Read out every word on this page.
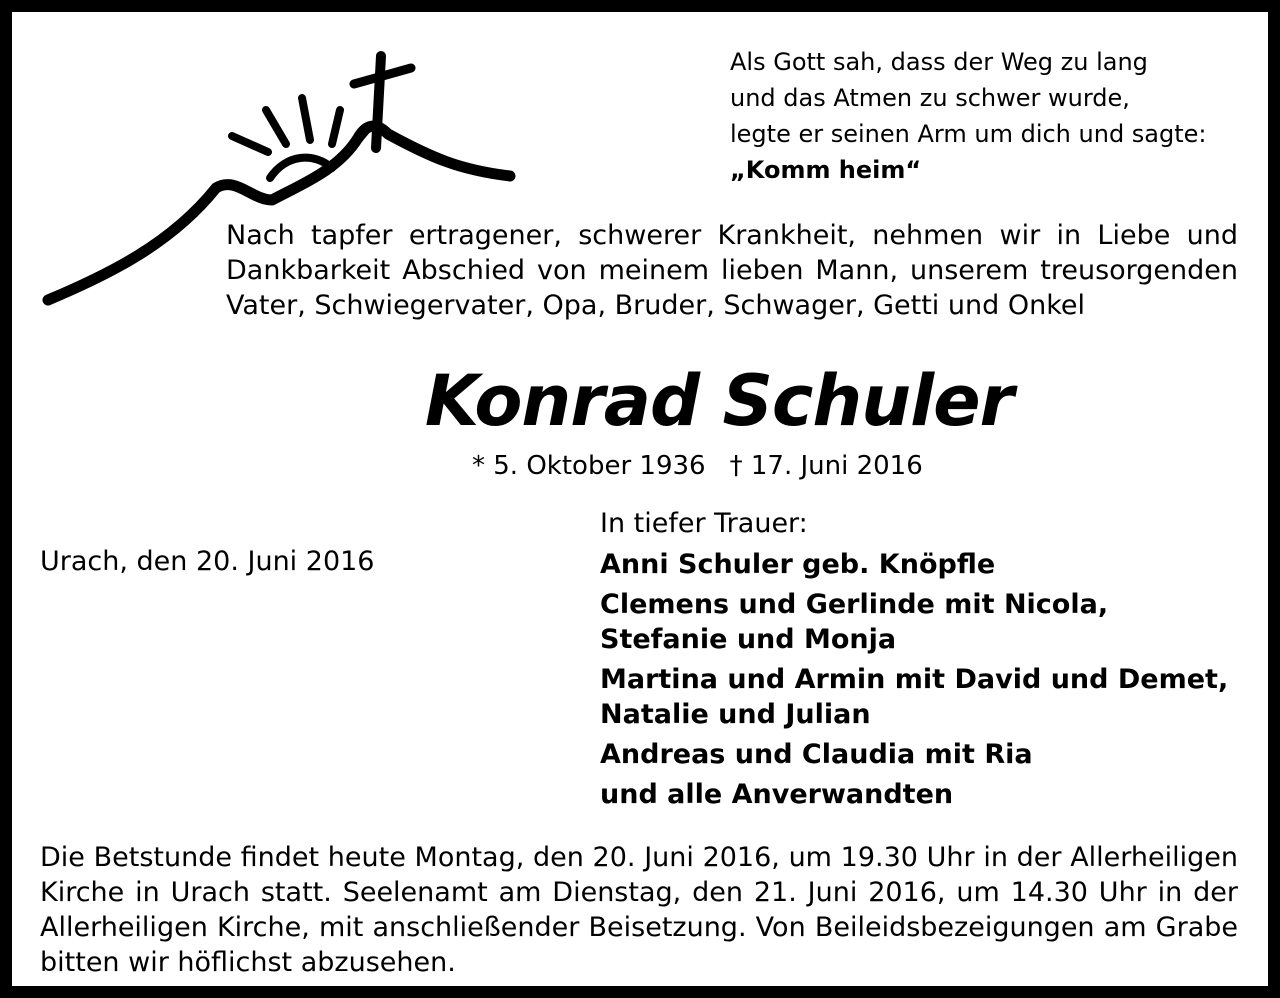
Als Gott sah, dass der Weg zu lang
und das Atmen zu schwer wurde,
legte er seinen Arm um dich und sagte:
„Komm heim“
Nach tapfer ertragener, schwerer Krankheit, nehmen wir in Liebe und Dankbarkeit Abschied von meinem lieben Mann, unserem treusorgenden Vater, Schwiegervater, Opa, Bruder, Schwager, Getti und Onkel
Konrad Schuler
* 5. Oktober 1936 † 17. Juni 2016
Urach, den 20. Juni 2016
In tiefer Trauer:
Anni Schuler geb. Knöpfle
Clemens und Gerlinde mit Nicola,
Stefanie und Monja
Martina und Armin mit David und Demet,
Natalie und Julian
Andreas und Claudia mit Ria
und alle Anverwandten
Die Betstunde findet heute Montag, den 20. Juni 2016, um 19.30 Uhr in der Allerheiligen Kirche in Urach statt. Seelenamt am Dienstag, den 21. Juni 2016, um 14.30 Uhr in der Allerheiligen Kirche, mit anschließender Beisetzung. Von Beileidsbezeigungen am Grabe bitten wir höflichst abzusehen.
